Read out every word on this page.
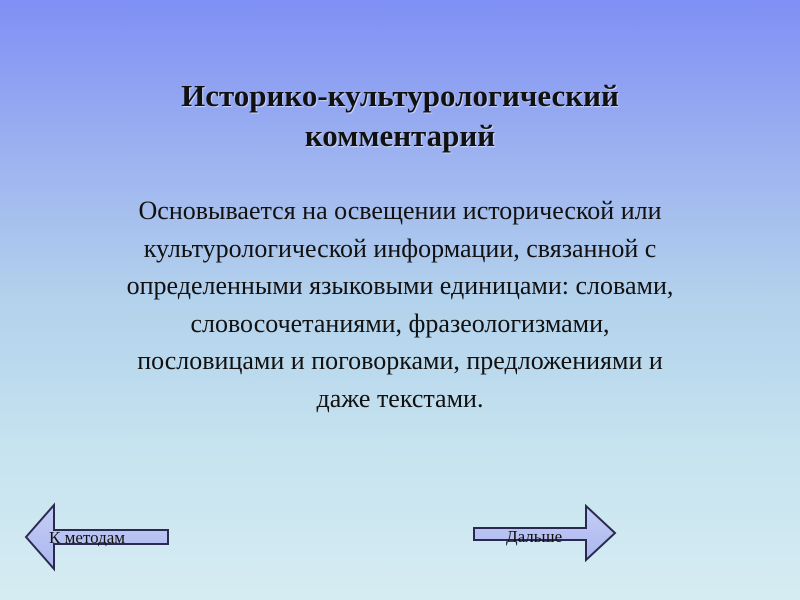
Историко-культурологический
комментарий
Основывается на освещении исторической или
культурологической информации, связанной с
определенными языковыми единицами: словами,
словосочетаниями, фразеологизмами,
пословицами и поговорками, предложениями и
даже текстами.
К методам	Дальше
